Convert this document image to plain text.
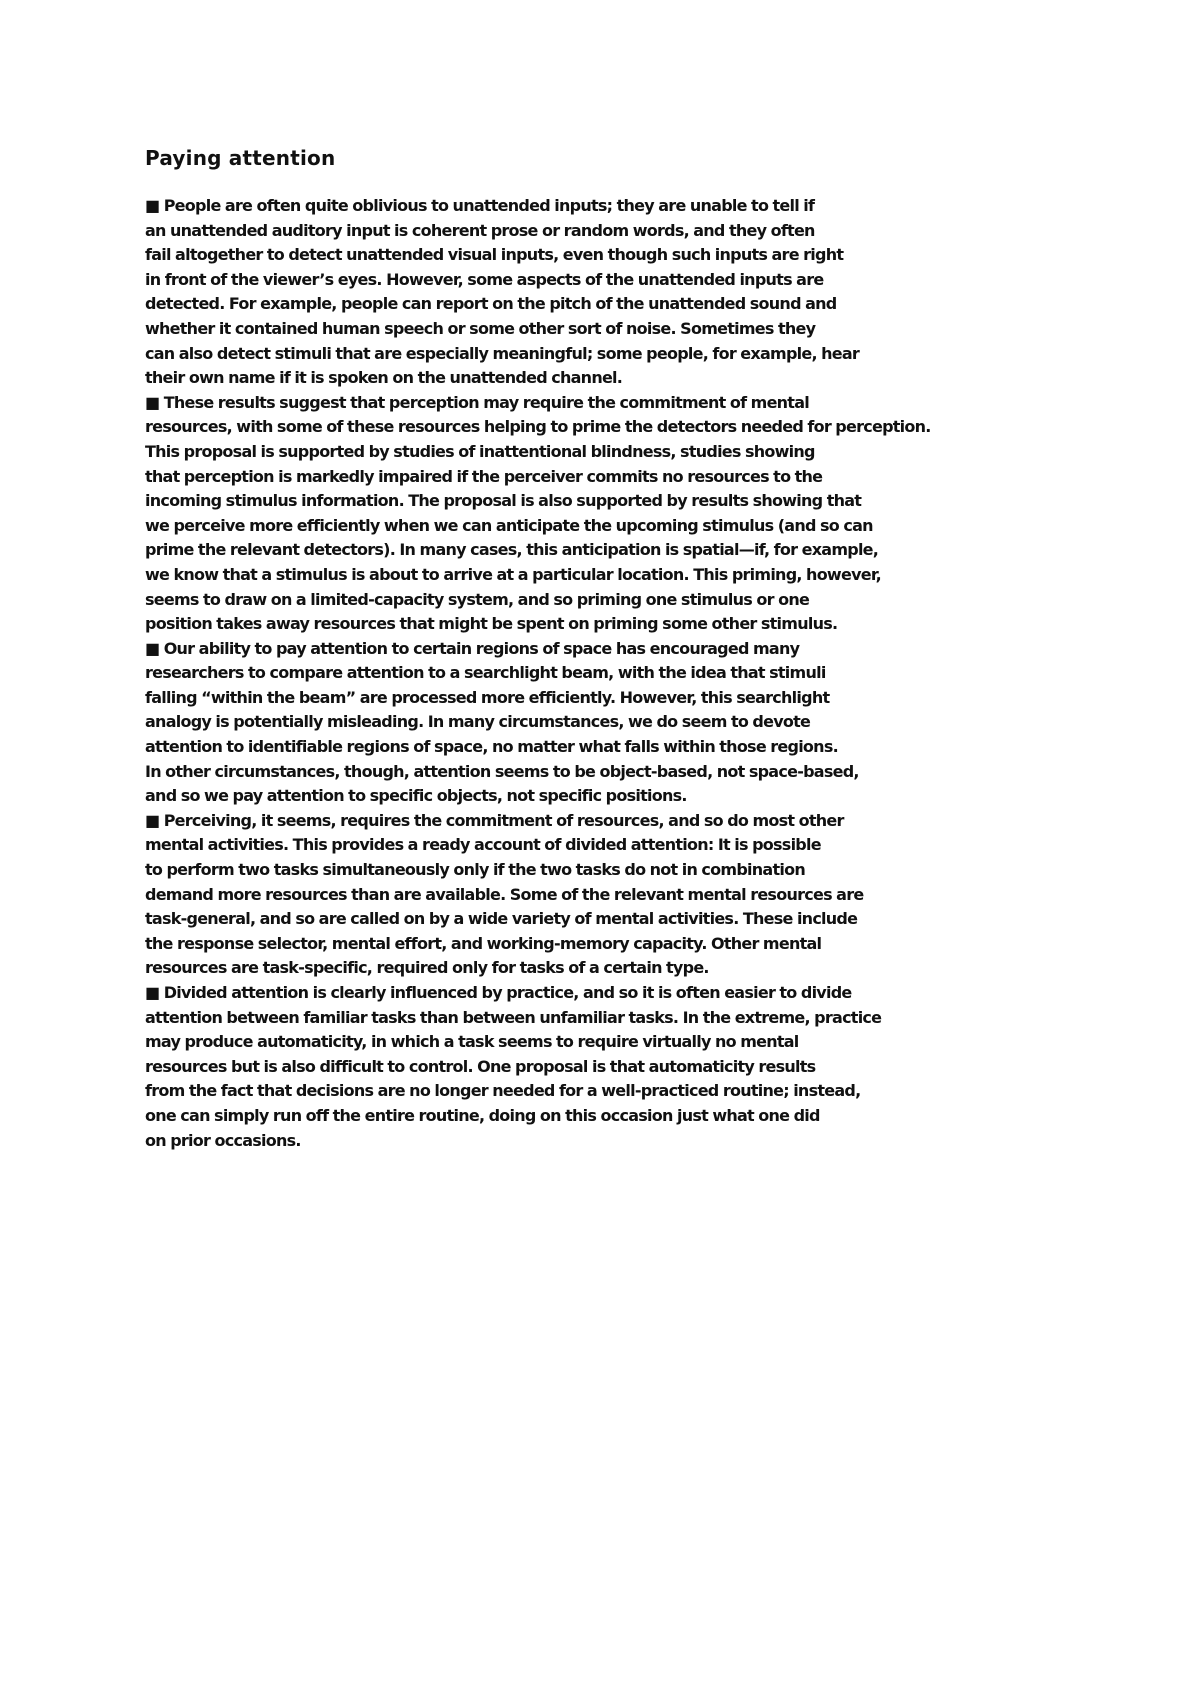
Paying attention
■ People are often quite oblivious to unattended inputs; they are unable to tell if
an unattended auditory input is coherent prose or random words, and they often
fail altogether to detect unattended visual inputs, even though such inputs are right
in front of the viewer’s eyes. However, some aspects of the unattended inputs are
detected. For example, people can report on the pitch of the unattended sound and
whether it contained human speech or some other sort of noise. Sometimes they
can also detect stimuli that are especially meaningful; some people, for example, hear
their own name if it is spoken on the unattended channel.
■ These results suggest that perception may require the commitment of mental
resources, with some of these resources helping to prime the detectors needed for perception.
This proposal is supported by studies of inattentional blindness, studies showing
that perception is markedly impaired if the perceiver commits no resources to the
incoming stimulus information. The proposal is also supported by results showing that
we perceive more efficiently when we can anticipate the upcoming stimulus (and so can
prime the relevant detectors). In many cases, this anticipation is spatial—if, for example,
we know that a stimulus is about to arrive at a particular location. This priming, however,
seems to draw on a limited-capacity system, and so priming one stimulus or one
position takes away resources that might be spent on priming some other stimulus.
■ Our ability to pay attention to certain regions of space has encouraged many
researchers to compare attention to a searchlight beam, with the idea that stimuli
falling “within the beam” are processed more efficiently. However, this searchlight
analogy is potentially misleading. In many circumstances, we do seem to devote
attention to identifiable regions of space, no matter what falls within those regions.
In other circumstances, though, attention seems to be object-based, not space-based,
and so we pay attention to specific objects, not specific positions.
■ Perceiving, it seems, requires the commitment of resources, and so do most other
mental activities. This provides a ready account of divided attention: It is possible
to perform two tasks simultaneously only if the two tasks do not in combination
demand more resources than are available. Some of the relevant mental resources are
task-general, and so are called on by a wide variety of mental activities. These include
the response selector, mental effort, and working-memory capacity. Other mental
resources are task-specific, required only for tasks of a certain type.
■ Divided attention is clearly influenced by practice, and so it is often easier to divide
attention between familiar tasks than between unfamiliar tasks. In the extreme, practice
may produce automaticity, in which a task seems to require virtually no mental
resources but is also difficult to control. One proposal is that automaticity results
from the fact that decisions are no longer needed for a well-practiced routine; instead,
one can simply run off the entire routine, doing on this occasion just what one did
on prior occasions.
